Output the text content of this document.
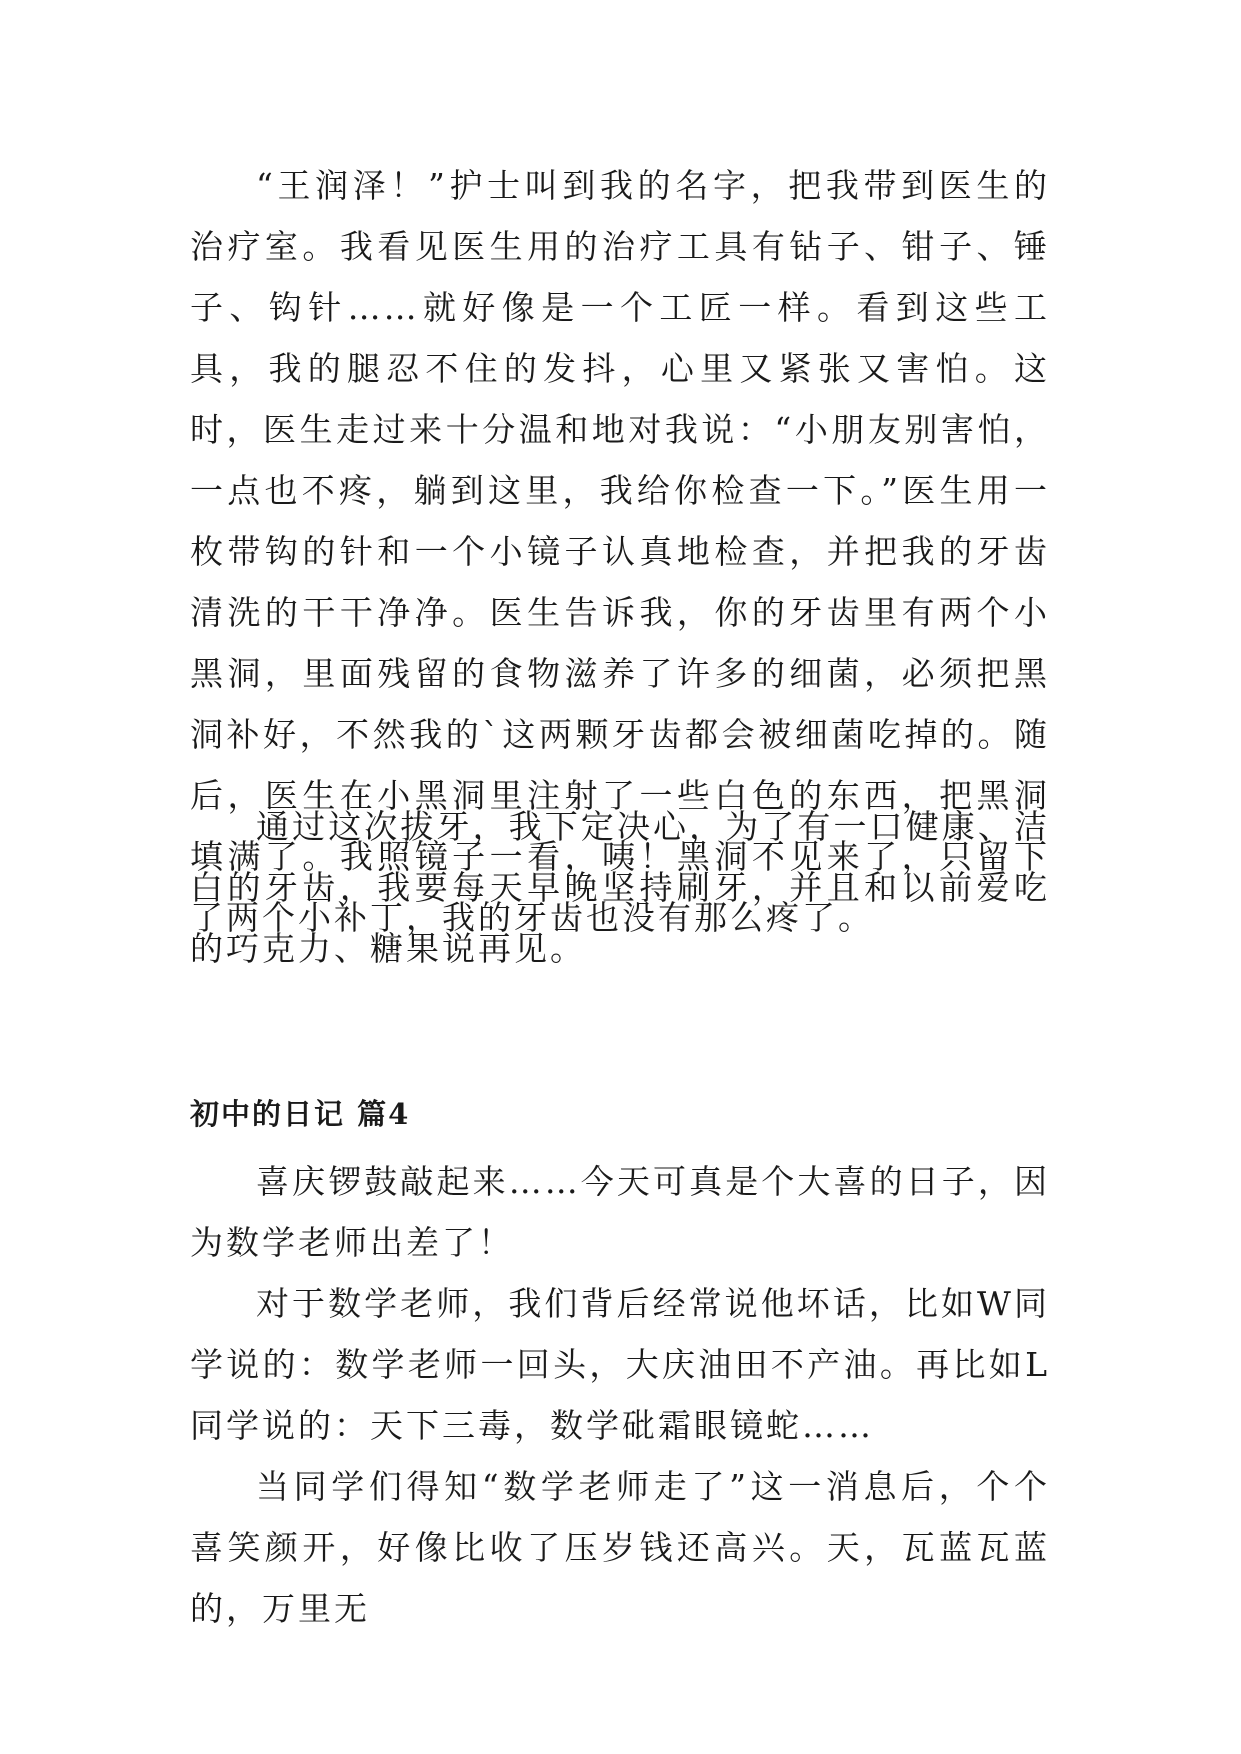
“王润泽！”护士叫到我的名字，把我带到医生的治疗室。我看见医生用的治疗工具有钻子、钳子、锤子、钩针……就好像是一个工匠一样。看到这些工具，我的腿忍不住的发抖，心里又紧张又害怕。这时，医生走过来十分温和地对我说：“小朋友别害怕，一点也不疼，躺到这里，我给你检查一下。”医生用一枚带钩的针和一个小镜子认真地检查，并把我的牙齿清洗的干干净净。医生告诉我，你的牙齿里有两个小黑洞，里面残留的食物滋养了许多的细菌，必须把黑洞补好，不然我的`这两颗牙齿都会被细菌吃掉的。随后，医生在小黑洞里注射了一些白色的东西，把黑洞填满了。我照镜子一看，咦！黑洞不见来了，只留下了两个小补丁，我的牙齿也没有那么疼了。

通过这次拔牙，我下定决心，为了有一口健康、洁白的牙齿，我要每天早晚坚持刷牙，并且和以前爱吃的巧克力、糖果说再见。

初中的日记 篇4

喜庆锣鼓敲起来……今天可真是个大喜的日子，因为数学老师出差了！

对于数学老师，我们背后经常说他坏话，比如W同学说的：数学老师一回头，大庆油田不产油。再比如L同学说的：天下三毒，数学砒霜眼镜蛇……

当同学们得知“数学老师走了”这一消息后，个个喜笑颜开，好像比收了压岁钱还高兴。天，瓦蓝瓦蓝的，万里无
